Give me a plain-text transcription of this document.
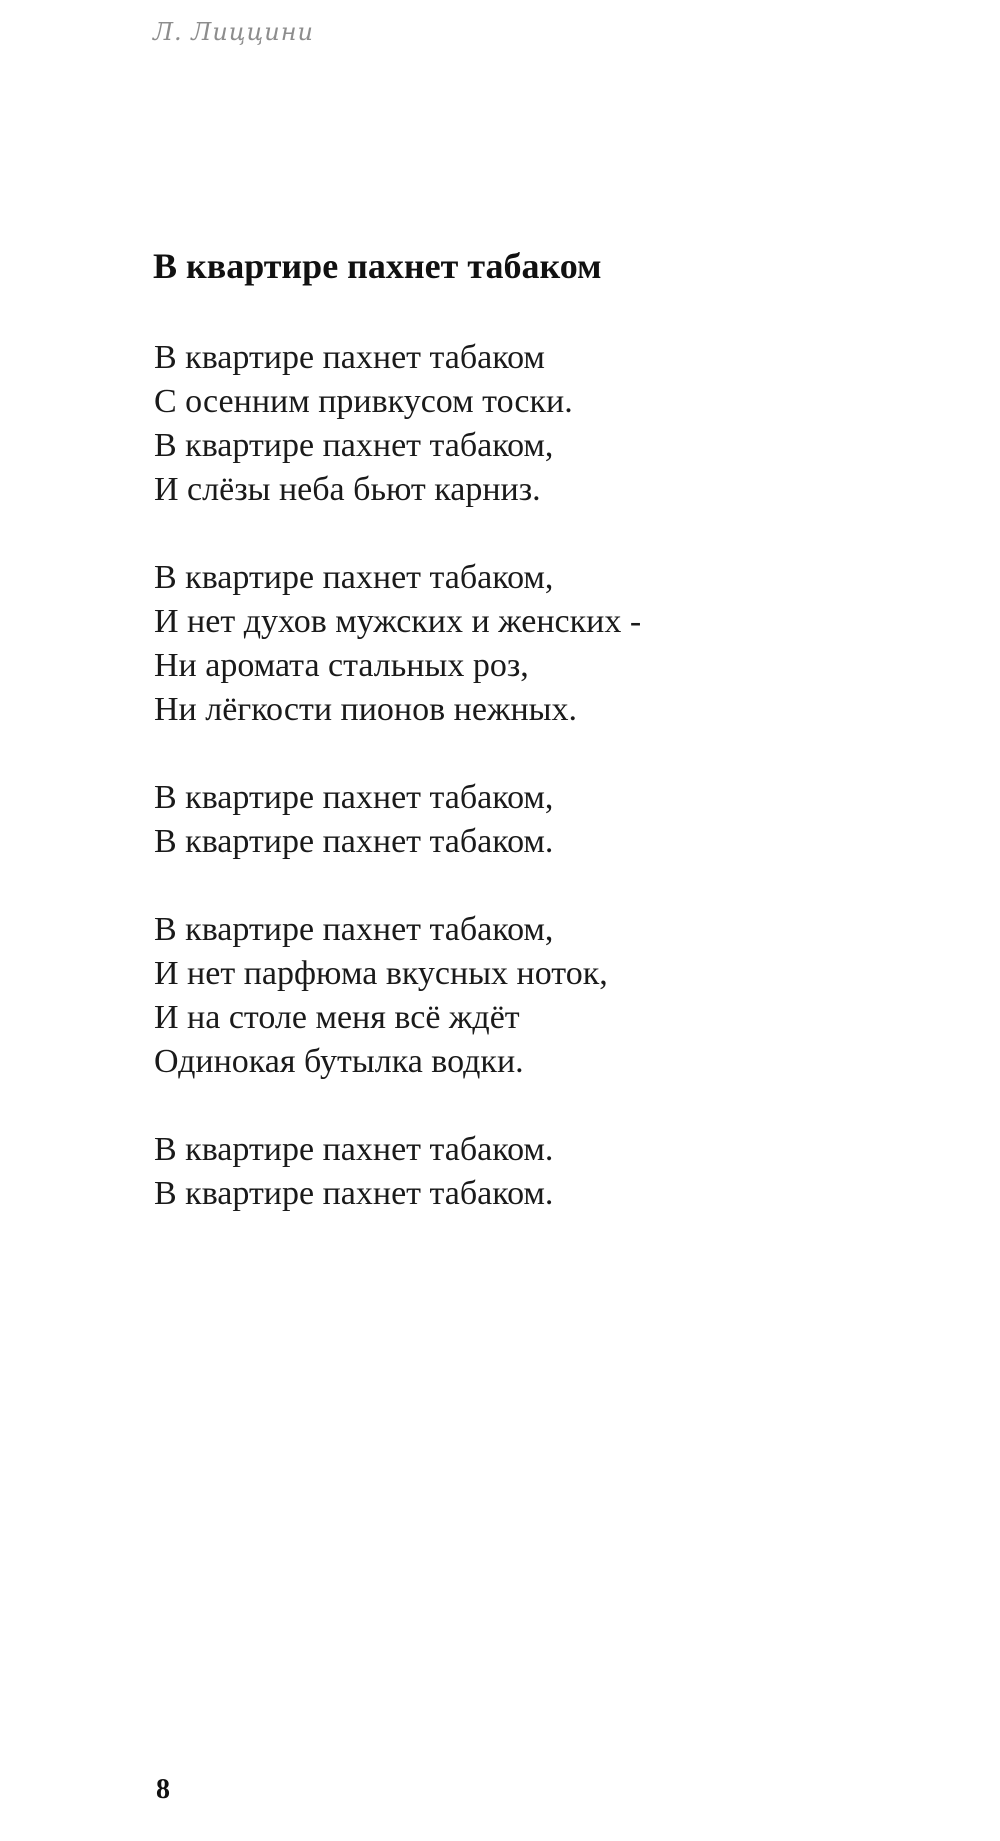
Л. Лиццини
В квартире пахнет табаком
В квартире пахнет табаком
С осенним привкусом тоски.
В квартире пахнет табаком,
И слёзы неба бьют карниз.
В квартире пахнет табаком,
И нет духов мужских и женских -
Ни аромата стальных роз,
Ни лёгкости пионов нежных.
В квартире пахнет табаком,
В квартире пахнет табаком.
В квартире пахнет табаком,
И нет парфюма вкусных ноток,
И на столе меня всё ждёт
Одинокая бутылка водки.
В квартире пахнет табаком.
В квартире пахнет табаком.
8
